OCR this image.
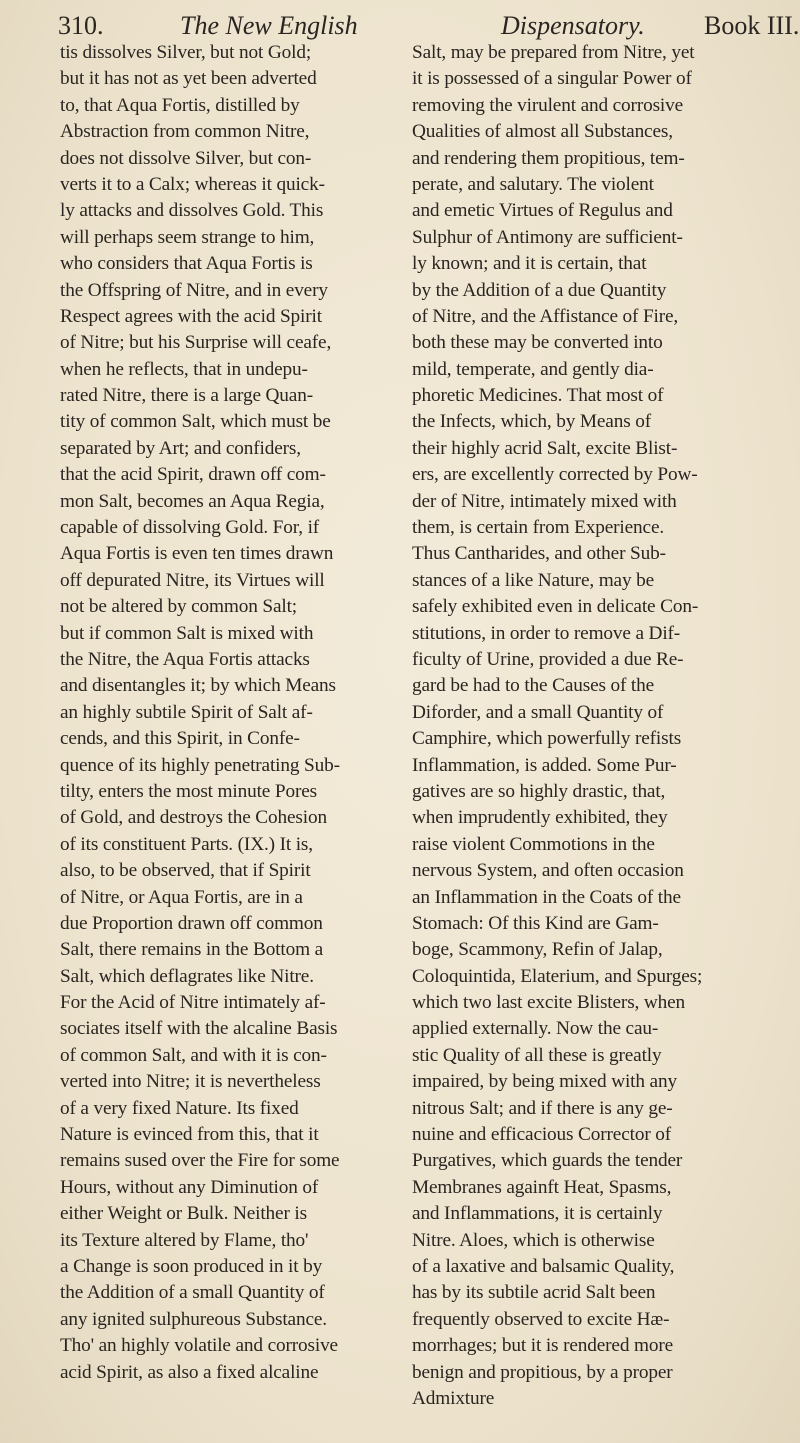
310.	The New English	Dispensatory. Book III.
tis dissolves Silver, but not Gold;
but it has not as yet been adverted
to, that Aqua Fortis, distilled by
Abstraction from common Nitre,
does not dissolve Silver, but con-
verts it to a Calx; whereas it quick-
ly attacks and dissolves Gold. This
will perhaps seem strange to him,
who considers that Aqua Fortis is
the Offspring of Nitre, and in every
Respect agrees with the acid Spirit
of Nitre; but his Surprise will ceafe,
when he reflects, that in undepu-
rated Nitre, there is a large Quan-
tity of common Salt, which must be
separated by Art; and confiders,
that the acid Spirit, drawn off com-
mon Salt, becomes an Aqua Regia,
capable of dissolving Gold. For, if
Aqua Fortis is even ten times drawn
off depurated Nitre, its Virtues will
not be altered by common Salt;
but if common Salt is mixed with
the Nitre, the Aqua Fortis attacks
and disentangles it; by which Means
an highly subtile Spirit of Salt af-
cends, and this Spirit, in Confe-
quence of its highly penetrating Sub-
tilty, enters the most minute Pores
of Gold, and destroys the Cohesion
of its constituent Parts. (IX.) It is,
also, to be observed, that if Spirit
of Nitre, or Aqua Fortis, are in a
due Proportion drawn off common
Salt, there remains in the Bottom a
Salt, which deflagrates like Nitre.
For the Acid of Nitre intimately af-
sociates itself with the alcaline Basis
of common Salt, and with it is con-
verted into Nitre; it is nevertheless
of a very fixed Nature. Its fixed
Nature is evinced from this, that it
remains sused over the Fire for some
Hours, without any Diminution of
either Weight or Bulk. Neither is
its Texture altered by Flame, tho'
a Change is soon produced in it by
the Addition of a small Quantity of
any ignited sulphureous Substance.
Tho' an highly volatile and corrosive
acid Spirit, as also a fixed alcaline
Salt, may be prepared from Nitre, yet
it is possessed of a singular Power of
removing the virulent and corrosive
Qualities of almost all Substances,
and rendering them propitious, tem-
perate, and salutary. The violent
and emetic Virtues of Regulus and
Sulphur of Antimony are sufficient-
ly known; and it is certain, that
by the Addition of a due Quantity
of Nitre, and the Affistance of Fire,
both these may be converted into
mild, temperate, and gently dia-
phoretic Medicines. That most of
the Infects, which, by Means of
their highly acrid Salt, excite Blist-
ers, are excellently corrected by Pow-
der of Nitre, intimately mixed with
them, is certain from Experience.
Thus Cantharides, and other Sub-
stances of a like Nature, may be
safely exhibited even in delicate Con-
stitutions, in order to remove a Dif-
ficulty of Urine, provided a due Re-
gard be had to the Causes of the
Diforder, and a small Quantity of
Camphire, which powerfully refists
Inflammation, is added. Some Pur-
gatives are so highly drastic, that,
when imprudently exhibited, they
raise violent Commotions in the
nervous System, and often occasion
an Inflammation in the Coats of the
Stomach: Of this Kind are Gam-
boge, Scammony, Refin of Jalap,
Coloquintida, Elaterium, and Spurges;
which two last excite Blisters, when
applied externally. Now the cau-
stic Quality of all these is greatly
impaired, by being mixed with any
nitrous Salt; and if there is any ge-
nuine and efficacious Corrector of
Purgatives, which guards the tender
Membranes againft Heat, Spasms,
and Inflammations, it is certainly
Nitre. Aloes, which is otherwise
of a laxative and balsamic Quality,
has by its subtile acrid Salt been
frequently observed to excite Hæ-
morrhages; but it is rendered more
benign and propitious, by a proper
Admixture
